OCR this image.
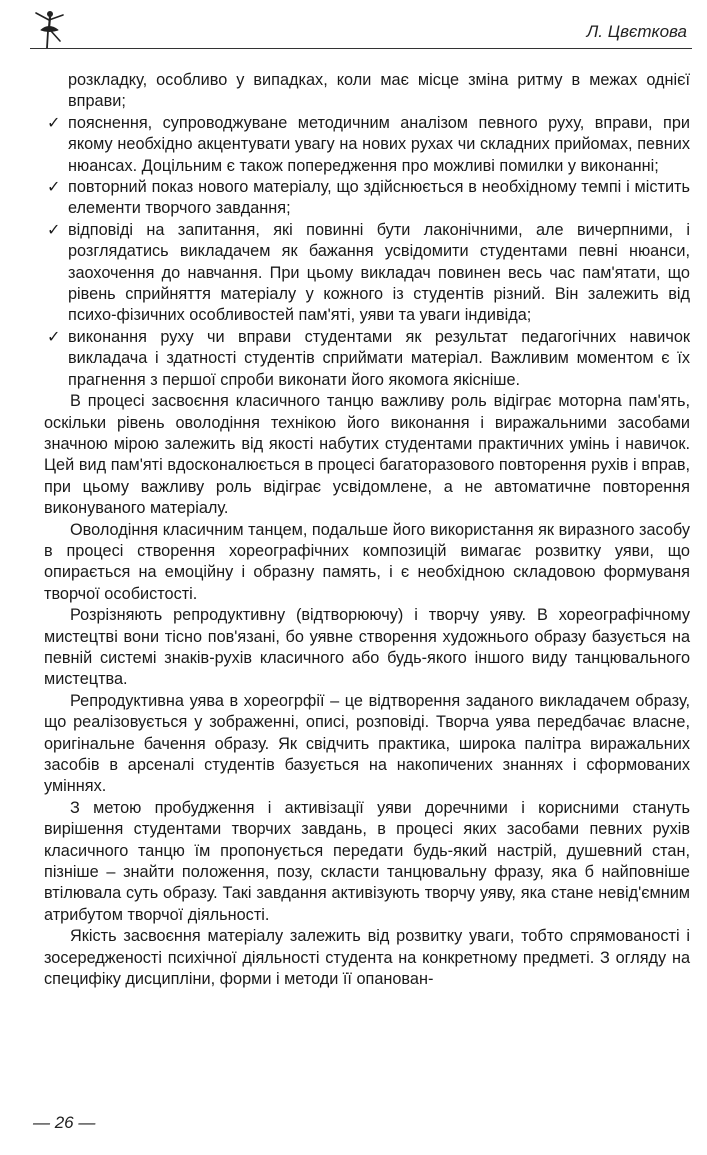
Л. Цвєткова

розкладку, особливо у випадках, коли має місце зміна ритму в межах однієї вправи;

✓ пояснення, супроводжуване методичним аналізом певного руху, вправи, при якому необхідно акцентувати увагу на нових рухах чи складних прийомах, певних нюансах. Доцільним є також попередження про можливі помилки у виконанні;

✓ повторний показ нового матеріалу, що здійснюється в необхідному темпі і містить елементи творчого завдання;

✓ відповіді на запитання, які повинні бути лаконічними, але вичерпними, і розглядатись викладачем як бажання усвідомити студентами певні нюанси, заохочення до навчання. При цьому викладач повинен весь час пам'ятати, що рівень сприйняття матеріалу у кожного із студентів різний. Він залежить від психо-фізичних особливостей пам'яті, уяви та уваги індивіда;

✓ виконання руху чи вправи студентами як результат педагогічних навичок викладача і здатності студентів сприймати матеріал. Важливим моментом є їх прагнення з першої спроби виконати його якомога якісніше.

В процесі засвоєння класичного танцю важливу роль відіграє моторна пам'ять, оскільки рівень оволодіння технікою його виконання і виражальними засобами значною мірою залежить від якості набутих студентами практичних умінь і навичок. Цей вид пам'яті вдосконалюється в процесі багаторазового повторення рухів і вправ, при цьому важливу роль відіграє усвідомлене, а не автоматичне повторення виконуваного матеріалу.

Оволодіння класичним танцем, подальше його використання як виразного засобу в процесі створення хореографічних композицій вимагає розвитку уяви, що опирається на емоційну і образну память, і є необхідною складовою формуваня творчої особистості.

Розрізняють репродуктивну (відтворюючу) і творчу уяву. В хореографічному мистецтві вони тісно пов'язані, бо уявне створення художнього образу базується на певній системі знаків-рухів класичного або будь-якого іншого виду танцювального мистецтва.

Репродуктивна уява в хореогрфії – це відтворення заданого викладачем образу, що реалізовується у зображенні, описі, розповіді. Творча уява передбачає власне, оригінальне бачення образу. Як свідчить практика, широка палітра виражальних засобів в арсеналі студентів базується на накопичених знаннях і сформованих уміннях.

З метою пробудження і активізації уяви доречними і корисними стануть вирішення студентами творчих завдань, в процесі яких засобами певних рухів класичного танцю їм пропонується передати будь-який настрій, душевний стан, пізніше – знайти положення, позу, скласти танцювальну фразу, яка б найповніше втілювала суть образу. Такі завдання активізують творчу уяву, яка стане невід'ємним атрибутом творчої діяльності.

Якість засвоєння матеріалу залежить від розвитку уваги, тобто спрямованості і зосередженості психічної діяльності студента на конкретному предметі. З огляду на специфіку дисципліни, форми і методи її опанован-

— 26 —
